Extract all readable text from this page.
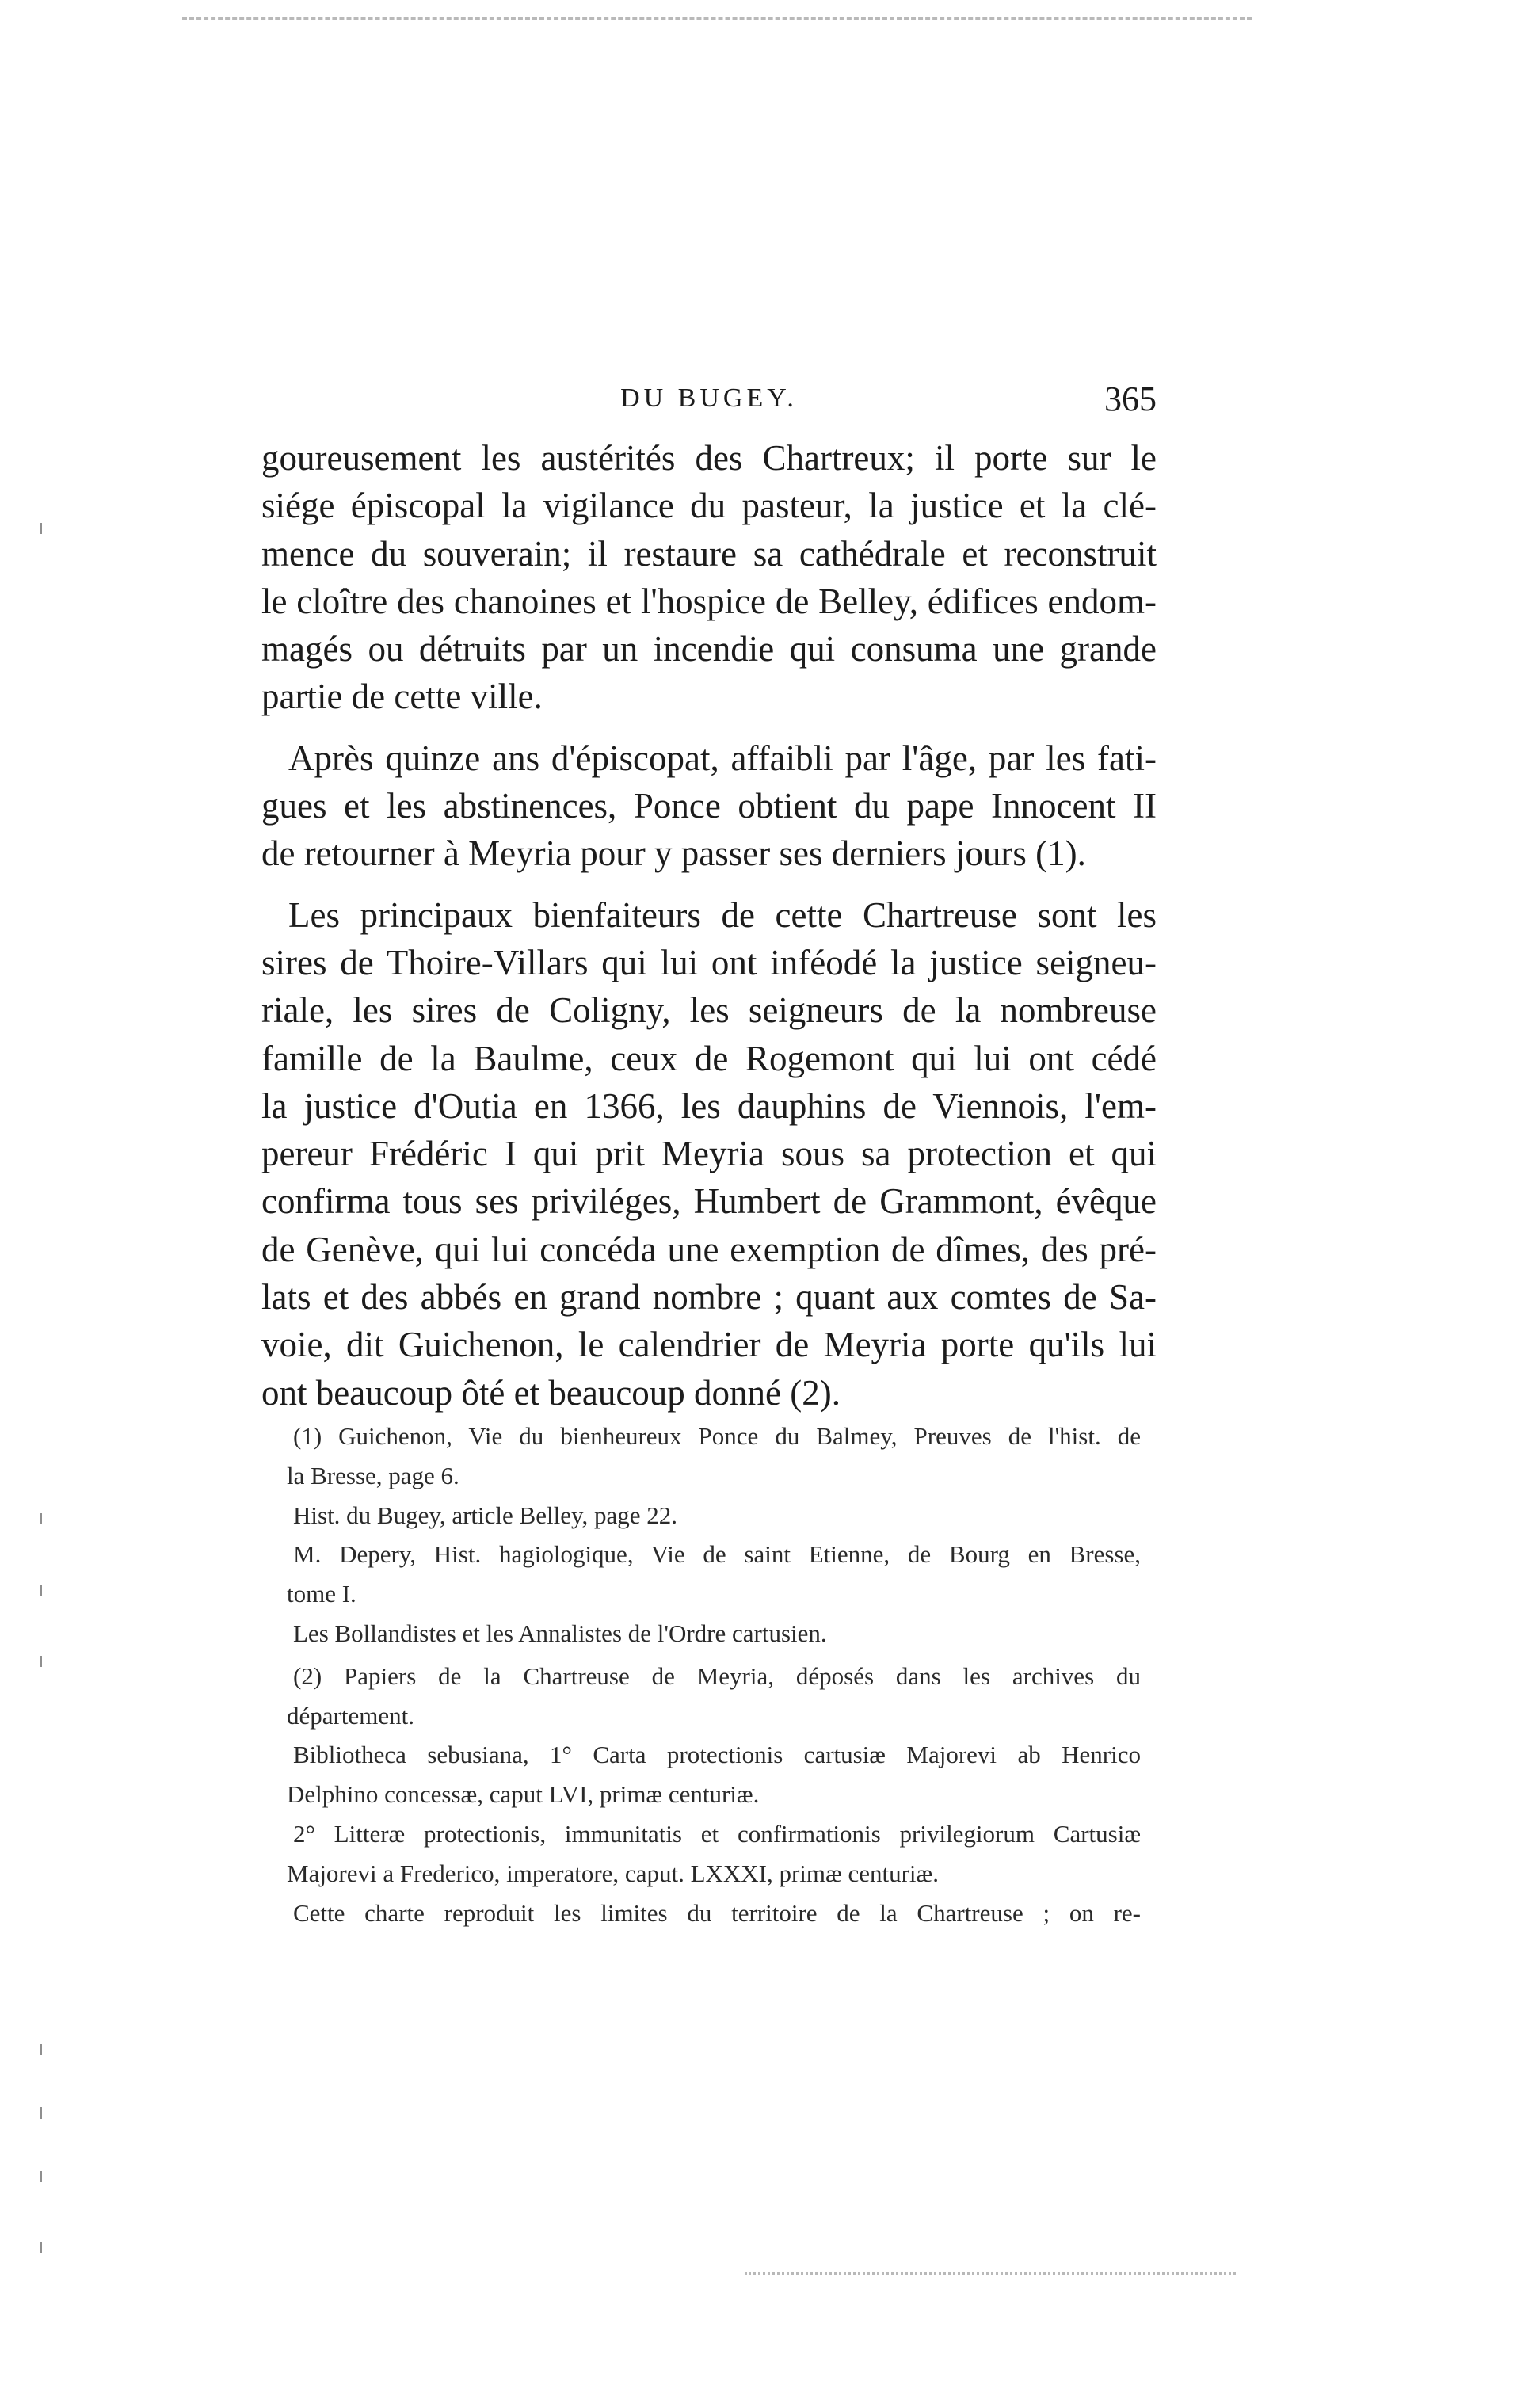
DU BUGEY.	365
goureusement les austérités des Chartreux; il porte sur le
siége épiscopal la vigilance du pasteur, la justice et la clé-
mence du souverain; il restaure sa cathédrale et reconstruit
le cloître des chanoines et l'hospice de Belley, édifices endom-
magés ou détruits par un incendie qui consuma une grande
partie de cette ville.
Après quinze ans d'épiscopat, affaibli par l'âge, par les fati-
gues et les abstinences, Ponce obtient du pape Innocent II
de retourner à Meyria pour y passer ses derniers jours (1).
Les principaux bienfaiteurs de cette Chartreuse sont les
sires de Thoire-Villars qui lui ont inféodé la justice seigneu-
riale, les sires de Coligny, les seigneurs de la nombreuse
famille de la Baulme, ceux de Rogemont qui lui ont cédé
la justice d'Outia en 1366, les dauphins de Viennois, l'em-
pereur Frédéric I qui prit Meyria sous sa protection et qui
confirma tous ses priviléges, Humbert de Grammont, évêque
de Genève, qui lui concéda une exemption de dîmes, des pré-
lats et des abbés en grand nombre ; quant aux comtes de Sa-
voie, dit Guichenon, le calendrier de Meyria porte qu'ils lui
ont beaucoup ôté et beaucoup donné (2).
(1) Guichenon, Vie du bienheureux Ponce du Balmey, Preuves de l'hist. de
la Bresse, page 6.
Hist. du Bugey, article Belley, page 22.
M. Depery, Hist. hagiologique, Vie de saint Etienne, de Bourg en Bresse,
tome I.
Les Bollandistes et les Annalistes de l'Ordre cartusien.
(2) Papiers de la Chartreuse de Meyria, déposés dans les archives du
département.
Bibliotheca sebusiana, 1° Carta protectionis cartusiæ Majorevi ab Henrico
Delphino concessæ, caput LVI, primæ centuriæ.
2° Litteræ protectionis, immunitatis et confirmationis privilegiorum Cartusiæ
Majorevi a Frederico, imperatore, caput. LXXXI, primæ centuriæ.
Cette charte reproduit les limites du territoire de la Chartreuse ; on re-
